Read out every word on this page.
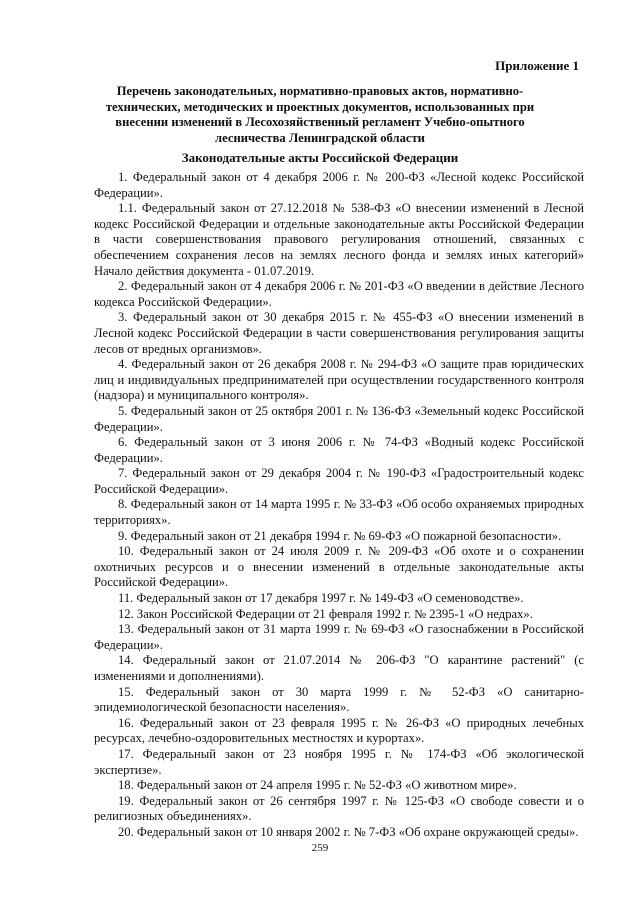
Приложение 1
Перечень законодательных, нормативно-правовых актов, нормативно-технических, методических и проектных документов, использованных при внесении изменений в Лесохозяйственный регламент Учебно-опытного лесничества Ленинградской области
Законодательные акты Российской Федерации

1. Федеральный закон от 4 декабря 2006 г. № 200-ФЗ «Лесной кодекс Российской Федерации».

1.1. Федеральный закон от 27.12.2018 № 538-ФЗ «О внесении изменений в Лесной кодекс Российской Федерации и отдельные законодательные акты Российской Федерации в части совершенствования правового регулирования отношений, связанных с обеспечением сохранения лесов на землях лесного фонда и землях иных категорий» Начало действия документа - 01.07.2019.

2. Федеральный закон от 4 декабря 2006 г. № 201-ФЗ «О введении в действие Лесного кодекса Российской Федерации».

3. Федеральный закон от 30 декабря 2015 г. № 455-ФЗ «О внесении изменений в Лесной кодекс Российской Федерации в части совершенствования регулирования защиты лесов от вредных организмов».

4. Федеральный закон от 26 декабря 2008 г. № 294-ФЗ «О защите прав юридических лиц и индивидуальных предпринимателей при осуществлении государственного контроля (надзора) и муниципального контроля».

5. Федеральный закон от 25 октября 2001 г. № 136-ФЗ «Земельный кодекс Российской Федерации».

6. Федеральный закон от 3 июня 2006 г. № 74-ФЗ «Водный кодекс Российской Федерации».

7. Федеральный закон от 29 декабря 2004 г. № 190-ФЗ «Градостроительный кодекс Российской Федерации».

8. Федеральный закон от 14 марта 1995 г. № 33-ФЗ «Об особо охраняемых природных территориях».

9. Федеральный закон от 21 декабря 1994 г. № 69-ФЗ «О пожарной безопасности».

10. Федеральный закон от 24 июля 2009 г. № 209-ФЗ «Об охоте и о сохранении охотничьих ресурсов и о внесении изменений в отдельные законодательные акты Российской Федерации».

11. Федеральный закон от 17 декабря 1997 г. № 149-ФЗ «О семеноводстве».

12. Закон Российской Федерации от 21 февраля 1992 г. № 2395-1 «О недрах».

13. Федеральный закон от 31 марта 1999 г. № 69-ФЗ «О газоснабжении в Российской Федерации».

14. Федеральный закон от 21.07.2014 № 206-ФЗ "О карантине растений" (с изменениями и дополнениями).

15. Федеральный закон от 30 марта 1999 г. № 52-ФЗ «О санитарно-эпидемиологической безопасности населения».

16. Федеральный закон от 23 февраля 1995 г. № 26-ФЗ «О природных лечебных ресурсах, лечебно-оздоровительных местностях и курортах».

17. Федеральный закон от 23 ноября 1995 г. № 174-ФЗ «Об экологической экспертизе».

18. Федеральный закон от 24 апреля 1995 г. № 52-ФЗ «О животном мире».

19. Федеральный закон от 26 сентября 1997 г. № 125-ФЗ «О свободе совести и о религиозных объединениях».

20. Федеральный закон от 10 января 2002 г. № 7-ФЗ «Об охране окружающей среды».

259
